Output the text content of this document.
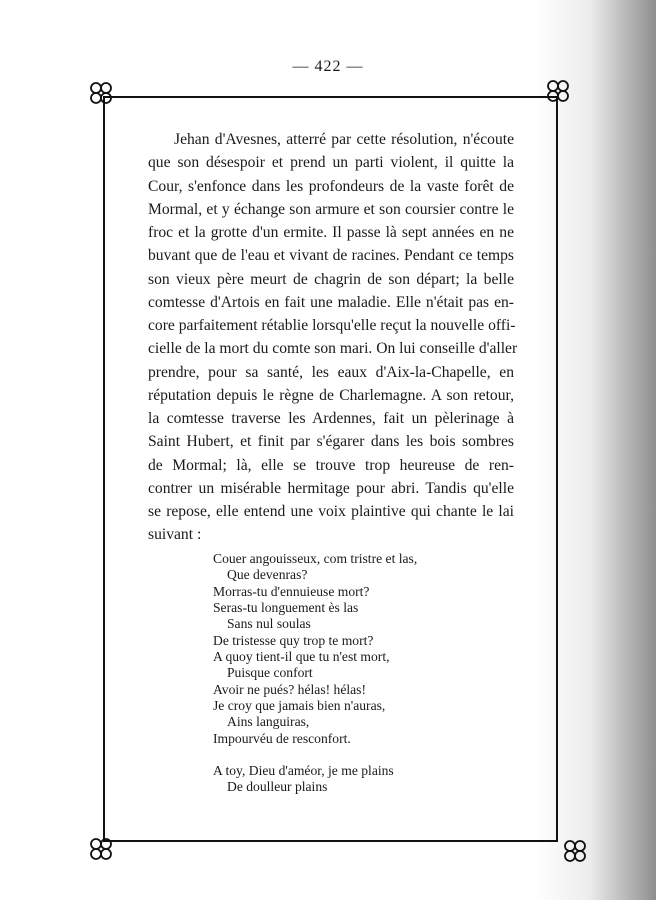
— 422 —
Jehan d'Avesnes, atterré par cette résolution, n'écoute
que son désespoir et prend un parti violent, il quitte la
Cour, s'enfonce dans les profondeurs de la vaste forêt de
Mormal, et y échange son armure et son coursier contre le
froc et la grotte d'un ermite. Il passe là sept années en ne
buvant que de l'eau et vivant de racines. Pendant ce temps
son vieux père meurt de chagrin de son départ; la belle
comtesse d'Artois en fait une maladie. Elle n'était pas en-
core parfaitement rétablie lorsqu'elle reçut la nouvelle offi-
cielle de la mort du comte son mari. On lui conseille d'aller
prendre, pour sa santé, les eaux d'Aix-la-Chapelle, en
réputation depuis le règne de Charlemagne. A son retour,
la comtesse traverse les Ardennes, fait un pèlerinage à
Saint Hubert, et finit par s'égarer dans les bois sombres
de Mormal; là, elle se trouve trop heureuse de ren-
contrer un misérable hermitage pour abri. Tandis qu'elle
se repose, elle entend une voix plaintive qui chante le lai
suivant :
Couer angouisseux, com tristre et las,
Que devenras?
Morras-tu d'ennuieuse mort?
Seras-tu longuement ès las
Sans nul soulas
De tristesse quy trop te mort?
A quoy tient-il que tu n'est mort,
Puisque confort
Avoir ne pués? hélas! hélas!
Je croy que jamais bien n'auras,
Ains languiras,
Impourvéu de resconfort.
A toy, Dieu d'améor, je me plains
De doulleur plains
